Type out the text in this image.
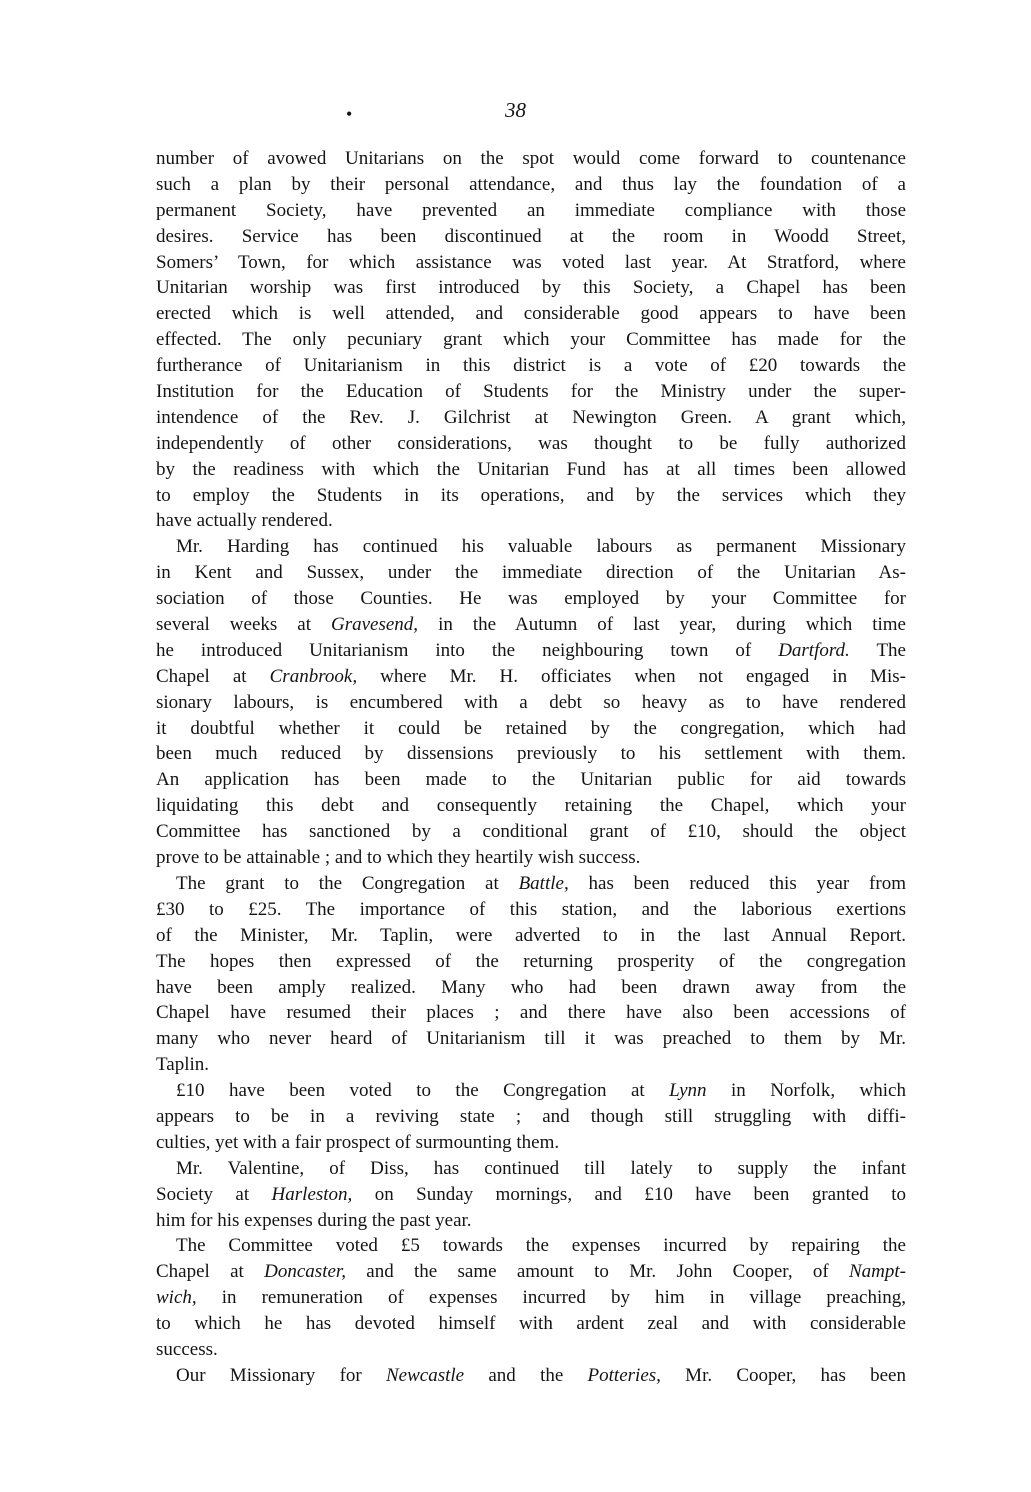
38
•
number of avowed Unitarians on the spot would come forward to countenance
such a plan by their personal attendance, and thus lay the foundation of a
permanent Society, have prevented an immediate compliance with those
desires. Service has been discontinued at the room in Woodd Street,
Somers’ Town, for which assistance was voted last year. At Stratford, where
Unitarian worship was first introduced by this Society, a Chapel has been
erected which is well attended, and considerable good appears to have been
effected. The only pecuniary grant which your Committee has made for the
furtherance of Unitarianism in this district is a vote of £20 towards the
Institution for the Education of Students for the Ministry under the super-
intendence of the Rev. J. Gilchrist at Newington Green. A grant which,
independently of other considerations, was thought to be fully authorized
by the readiness with which the Unitarian Fund has at all times been allowed
to employ the Students in its operations, and by the services which they
have actually rendered.
Mr. Harding has continued his valuable labours as permanent Missionary
in Kent and Sussex, under the immediate direction of the Unitarian As-
sociation of those Counties. He was employed by your Committee for
several weeks at Gravesend, in the Autumn of last year, during which time
he introduced Unitarianism into the neighbouring town of Dartford. The
Chapel at Cranbrook, where Mr. H. officiates when not engaged in Mis-
sionary labours, is encumbered with a debt so heavy as to have rendered
it doubtful whether it could be retained by the congregation, which had
been much reduced by dissensions previously to his settlement with them.
An application has been made to the Unitarian public for aid towards
liquidating this debt and consequently retaining the Chapel, which your
Committee has sanctioned by a conditional grant of £10, should the object
prove to be attainable ; and to which they heartily wish success.
The grant to the Congregation at Battle, has been reduced this year from
£30 to £25. The importance of this station, and the laborious exertions
of the Minister, Mr. Taplin, were adverted to in the last Annual Report.
The hopes then expressed of the returning prosperity of the congregation
have been amply realized. Many who had been drawn away from the
Chapel have resumed their places ; and there have also been accessions of
many who never heard of Unitarianism till it was preached to them by Mr.
Taplin.
£10 have been voted to the Congregation at Lynn in Norfolk, which
appears to be in a reviving state ; and though still struggling with diffi-
culties, yet with a fair prospect of surmounting them.
Mr. Valentine, of Diss, has continued till lately to supply the infant
Society at Harleston, on Sunday mornings, and £10 have been granted to
him for his expenses during the past year.
The Committee voted £5 towards the expenses incurred by repairing the
Chapel at Doncaster, and the same amount to Mr. John Cooper, of Nampt-
wich, in remuneration of expenses incurred by him in village preaching,
to which he has devoted himself with ardent zeal and with considerable
success.
Our Missionary for Newcastle and the Potteries, Mr. Cooper, has been
